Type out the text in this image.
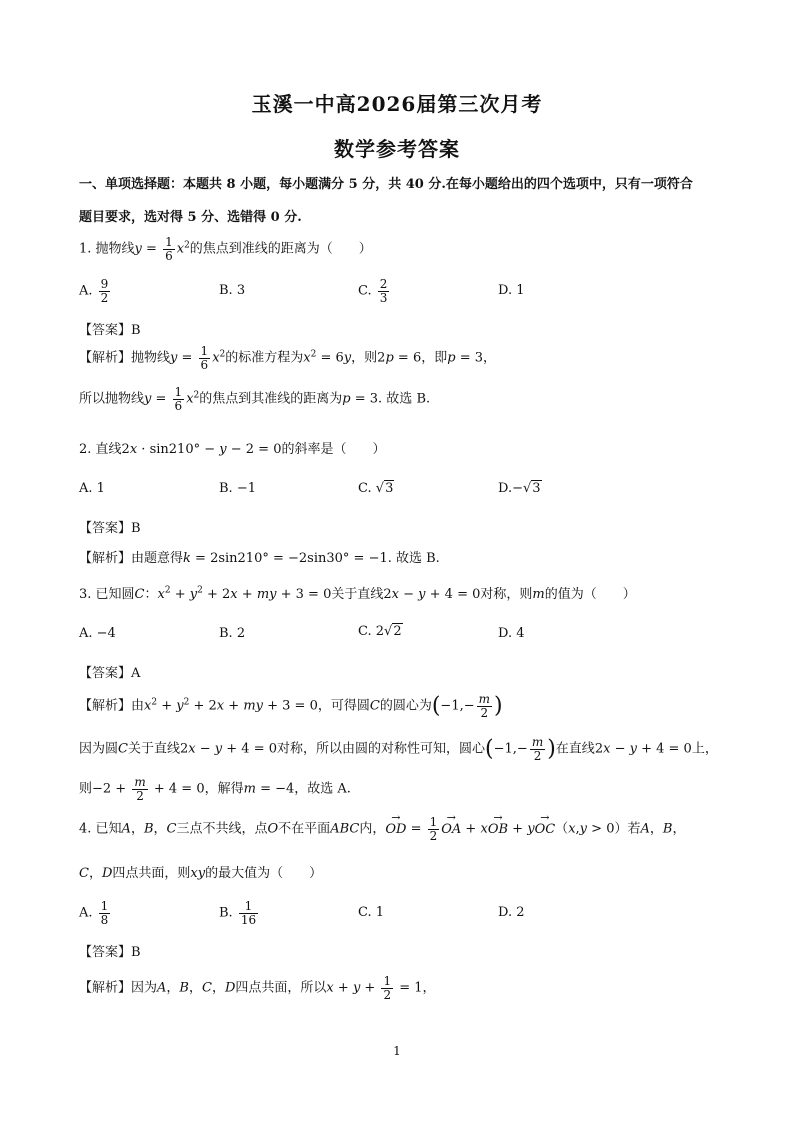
玉溪一中高2026届第三次月考
数学参考答案
一、单项选择题：本题共 8 小题，每小题满分 5 分，共 40 分.在每小题给出的四个选项中，只有一项符合
题目要求，选对得 5 分、选错得 0 分.
1. 抛物线$y = \frac{1}{6} x^2$的焦点到准线的距离为（　　）
A. $\frac{9}{2}$	B. 3	C. $\frac{2}{3}$	D. 1
【答案】B
【解析】抛物线$y = \frac{1}{6} x^2$的标准方程为$x^2 = 6y$，则2p = 6，即p = 3，
所以抛物线$y = \frac{1}{6} x^2$的焦点到其准线的距离为p = 3. 故选 B.
2. 直线2x · sin210° − y − 2 = 0的斜率是（　　）
A. 1	B. −1	C. √3	D.−√3
【答案】B
【解析】由题意得k = 2sin210° = −2sin30° = −1. 故选 B.
3. 已知圆C：$x^2 + y^2 + 2x$ + my + 3 = 0关于直线2x − y + 4 = 0对称，则m的值为（　　）
A. −4	B. 2	C. 2√2	D. 4
【答案】A
【解析】由$x^2 + y^2 + 2x$ + my + 3 = 0，可得圆C的圆心为($-1,- \frac{m}{2}$ )
因为圆C关于直线2x − y + 4 = 0对称，所以由圆的对称性可知，圆心($-1,- \frac{m}{2}$ )在直线2x − y + 4 = 0上，
则$-2 + \frac{m}{2} + 4 = 0$，解得m = −4，故选 A.
4. 已知A，B，C三点不共线，点O不在平面ABC内，→ OD = $\frac{1}{2}$
→ OA + x→ OB + y→ OC（x,y > 0）若A，B，
C，D四点共面，则xy的最大值为（　　）
A. $\frac{1}{8}$	B. $\frac{1}{16}$	C. 1	D. 2
【答案】B
【解析】因为A，B，C，D四点共面，所以$x + y + \frac{1}{2} = 1$，
1
